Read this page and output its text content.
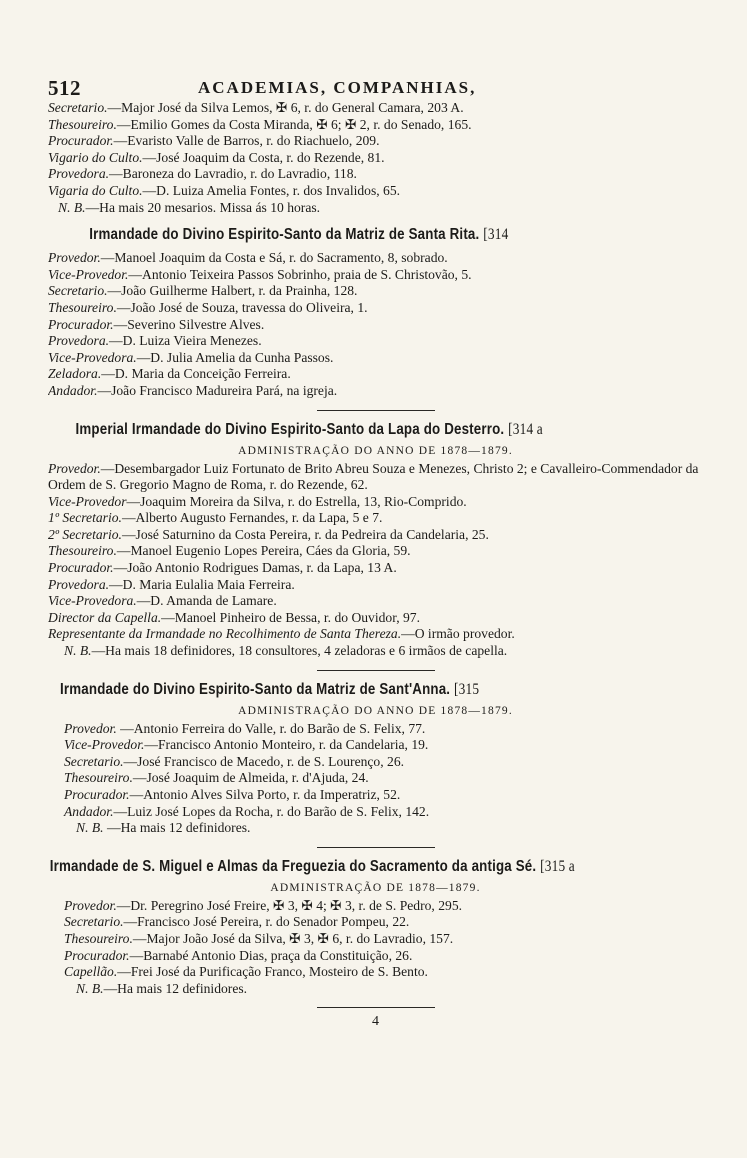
512	ACADEMIAS, COMPANHIAS,
Secretario.—Major José da Silva Lemos, ✠ 6, r. do General Camara, 203 A.
Thesoureiro.—Emilio Gomes da Costa Miranda, ✠ 6; ✠ 2, r. do Senado, 165.
Procurador.—Evaristo Valle de Barros, r. do Riachuelo, 209.
Vigario do Culto.—José Joaquim da Costa, r. do Rezende, 81.
Provedora.—Baroneza do Lavradio, r. do Lavradio, 118.
Vigaria do Culto.—D. Luiza Amelia Fontes, r. dos Invalidos, 65.
N. B.—Ha mais 20 mesarios. Missa ás 10 horas.
Irmandade do Divino Espirito-Santo da Matriz de Santa Rita. [314
Provedor.—Manoel Joaquim da Costa e Sá, r. do Sacramento, 8, sobrado.
Vice-Provedor.—Antonio Teixeira Passos Sobrinho, praia de S. Christovão, 5.
Secretario.—João Guilherme Halbert, r. da Prainha, 128.
Thesoureiro.—João José de Souza, travessa do Oliveira, 1.
Procurador.—Severino Silvestre Alves.
Provedora.—D. Luiza Vieira Menezes.
Vice-Provedora.—D. Julia Amelia da Cunha Passos.
Zeladora.—D. Maria da Conceição Ferreira.
Andador.—João Francisco Madureira Pará, na igreja.
Imperial Irmandade do Divino Espirito-Santo da Lapa do Desterro. [314 a
ADMINISTRAÇÃO DO ANNO DE 1878—1879.
Provedor.—Desembargador Luiz Fortunato de Brito Abreu Souza e Menezes, Christo 2; e Cavalleiro-Commendador da Ordem de S. Gregorio Magno de Roma, r. do Rezende, 62.
Vice-Provedor—Joaquim Moreira da Silva, r. do Estrella, 13, Rio-Comprido.
1º Secretario.—Alberto Augusto Fernandes, r. da Lapa, 5 e 7.
2º Secretario.—José Saturnino da Costa Pereira, r. da Pedreira da Candelaria, 25.
Thesoureiro.—Manoel Eugenio Lopes Pereira, Cáes da Gloria, 59.
Procurador.—João Antonio Rodrigues Damas, r. da Lapa, 13 A.
Provedora.—D. Maria Eulalia Maia Ferreira.
Vice-Provedora.—D. Amanda de Lamare.
Director da Capella.—Manoel Pinheiro de Bessa, r. do Ouvidor, 97.
Representante da Irmandade no Recolhimento de Santa Thereza.—O irmão provedor.
N. B.—Ha mais 18 definidores, 18 consultores, 4 zeladoras e 6 irmãos de capella.
Irmandade do Divino Espirito-Santo da Matriz de Sant'Anna. [315
ADMINISTRAÇÃO DO ANNO DE 1878—1879.
Provedor. —Antonio Ferreira do Valle, r. do Barão de S. Felix, 77.
Vice-Provedor.—Francisco Antonio Monteiro, r. da Candelaria, 19.
Secretario.—José Francisco de Macedo, r. de S. Lourenço, 26.
Thesoureiro.—José Joaquim de Almeida, r. d'Ajuda, 24.
Procurador.—Antonio Alves Silva Porto, r. da Imperatriz, 52.
Andador.—Luiz José Lopes da Rocha, r. do Barão de S. Felix, 142.
N. B. —Ha mais 12 definidores.
Irmandade de S. Miguel e Almas da Freguezia do Sacramento da antiga Sé. [315 a
ADMINISTRAÇÃO DE 1878—1879.
Provedor.—Dr. Peregrino José Freire, ✠ 3, ✠ 4; ✠ 3, r. de S. Pedro, 295.
Secretario.—Francisco José Pereira, r. do Senador Pompeu, 22.
Thesoureiro.—Major João José da Silva, ✠ 3, ✠ 6, r. do Lavradio, 157.
Procurador.—Barnabé Antonio Dias, praça da Constituição, 26.
Capellão.—Frei José da Purificação Franco, Mosteiro de S. Bento.
N. B.—Ha mais 12 definidores.
4
